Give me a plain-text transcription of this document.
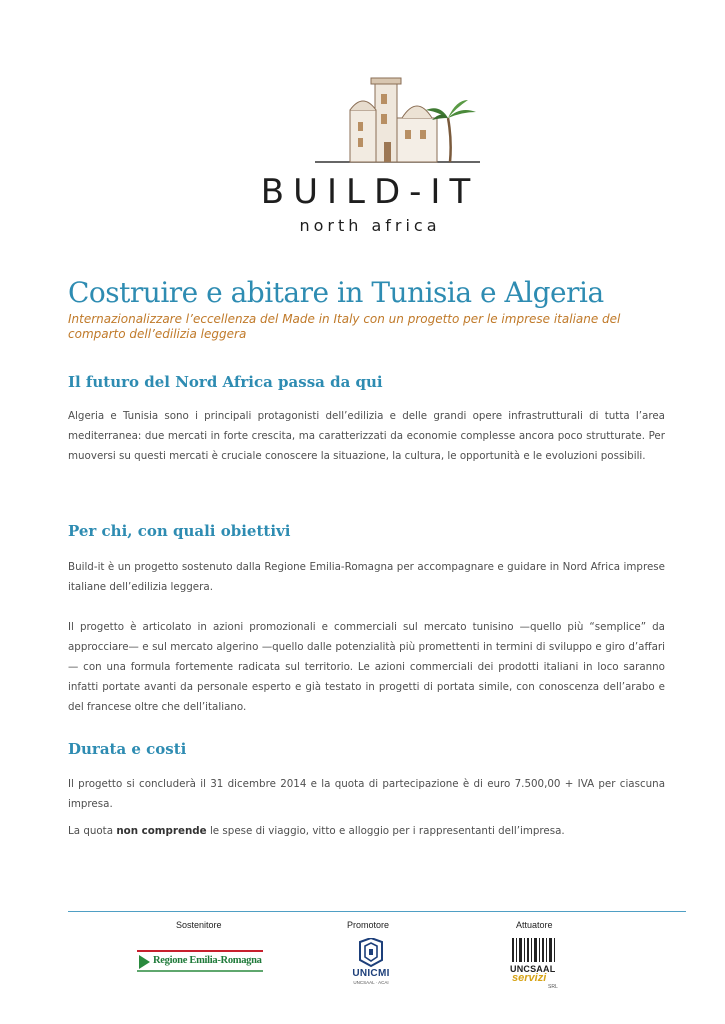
BUILD-IT
north africa
Costruire e abitare in Tunisia e Algeria

Internazionalizzare l’eccellenza del Made in Italy con un progetto per le imprese italiane del comparto dell’edilizia leggera

Il futuro del Nord Africa passa da qui

Algeria e Tunisia sono i principali protagonisti dell’edilizia e delle grandi opere infrastrutturali di tutta l’area mediterranea: due mercati in forte crescita, ma caratterizzati da economie complesse ancora poco strutturate. Per muoversi su questi mercati è cruciale conoscere la situazione, la cultura, le opportunità e le evoluzioni possibili.

Per chi, con quali obiettivi

Build-it è un progetto sostenuto dalla Regione Emilia-Romagna per accompagnare e guidare in Nord Africa imprese italiane dell’edilizia leggera.

Il progetto è articolato in azioni promozionali e commerciali sul mercato tunisino —quello più “semplice” da approcciare— e sul mercato algerino —quello dalle potenzialità più promettenti in termini di sviluppo e giro d’affari— con una formula fortemente radicata sul territorio. Le azioni commerciali dei prodotti italiani in loco saranno infatti portate avanti da personale esperto e già testato in progetti di portata simile, con conoscenza dell’arabo e del francese oltre che dell’italiano.

Durata e costi

Il progetto si concluderà il 31 dicembre 2014 e la quota di partecipazione è di euro 7.500,00 + IVA per ciascuna impresa.

La quota non comprende le spese di viaggio, vitto e alloggio per i rappresentanti dell’impresa.

Sostenitore	Promotore	Attuatore
Regione Emilia-Romagna
UNICMI
UNCSAAL · ACAI
UNCSAAL
servizi
SRL
